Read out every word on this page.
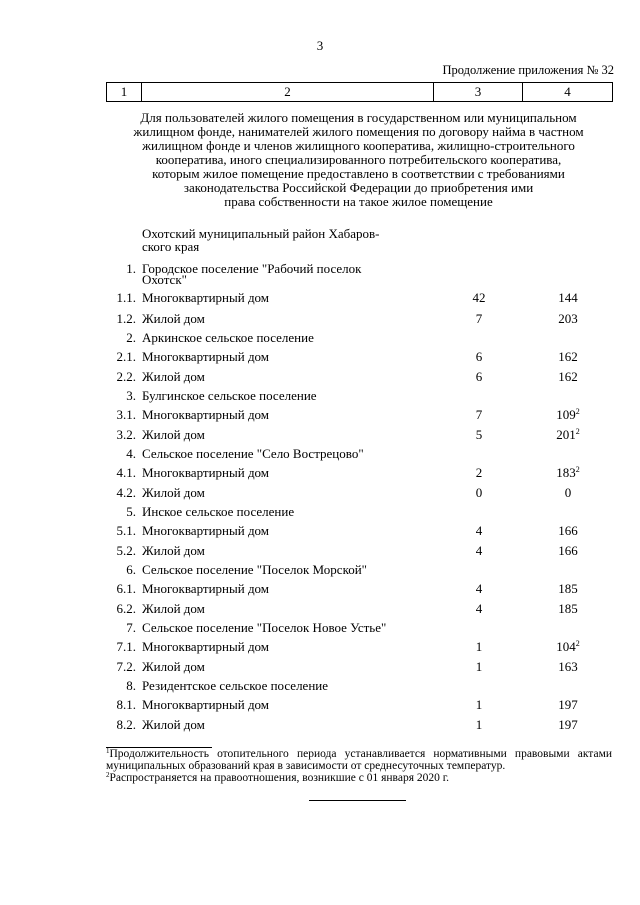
3
Продолжение приложения № 32
1	2	3	4
Для пользователей жилого помещения в государственном или муниципальном
жилищном фонде, нанимателей жилого помещения по договору найма в частном
жилищном фонде и членов жилищного кооператива, жилищно-строительного
кооператива, иного специализированного потребительского кооператива,
которым жилое помещение предоставлено в соответствии с требованиями
законодательства Российской Федерации до приобретения ими
права собственности на такое жилое помещение
Охотский муниципальный район Хабаров-
ского края
1. Городское поселение "Рабочий поселок
Охотск"
1.1. Многоквартирный дом	42	144
1.2. Жилой дом	7	203
2. Аркинское сельское поселение
2.1. Многоквартирный дом	6	162
2.2. Жилой дом	6	162
3. Булгинское сельское поселение
3.1. Многоквартирный дом	7	$109^2$
3.2. Жилой дом	5	$201^2$
4. Сельское поселение "Село Вострецово"
4.1. Многоквартирный дом	2	$183^2$
4.2. Жилой дом	0	0
5. Инское сельское поселение
5.1. Многоквартирный дом	4	166
5.2. Жилой дом	4	166
6. Сельское поселение "Поселок Морской"
6.1. Многоквартирный дом	4	185
6.2. Жилой дом	4	185
7. Сельское поселение "Поселок Новое Устье"
7.1. Многоквартирный дом	1	$104^2$
7.2. Жилой дом	1	163
8. Резидентское сельское поселение
8.1. Многоквартирный дом	1	197
8.2. Жилой дом	1	197
$^1$Продолжительность отопительного периода устанавливается нормативными правовыми актами муниципальных образований края в зависимости от среднесуточных температур.
$^2$Распространяется на правоотношения, возникшие с 01 января 2020 г.
